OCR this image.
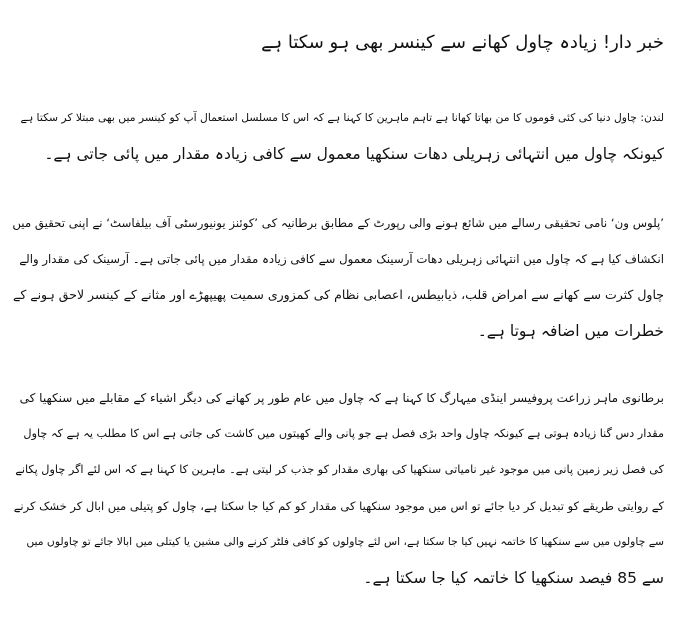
خبر دار! زیادہ چاول کھانے سے کینسر بھی ہو سکتا ہے
لندن: چاول دنیا کی کئی قوموں کا من بھاتا کھانا ہے تاہم ماہرین کا کہنا ہے کہ اس کا مسلسل استعمال آپ کو کینسر میں بھی مبتلا کر سکتا ہے
کیونکہ چاول میں انتہائی زہریلی دھات سنکھیا معمول سے کافی زیادہ مقدار میں پائی جاتی ہے۔
’پلوس ون‘ نامی تحقیقی رسالے میں شائع ہونے والی رپورٹ کے مطابق برطانیہ کی ’کوئنز یونیورسٹی آف بیلفاسٹ‘ نے اپنی تحقیق میں
انکشاف کیا ہے کہ چاول میں انتہائی زہریلی دھات آرسینک معمول سے کافی زیادہ مقدار میں پائی جاتی ہے۔ آرسینک کی مقدار والے
چاول کثرت سے کھانے سے امراض قلب، ذیابیطس، اعصابی نظام کی کمزوری سمیت پھیپھڑے اور مثانے کے کینسر لاحق ہونے کے
خطرات میں اضافہ ہوتا ہے۔
برطانوی ماہر زراعت پروفیسر اینڈی میہارگ کا کہنا ہے کہ چاول میں عام طور پر کھانے کی دیگر اشیاء کے مقابلے میں سنکھیا کی
مقدار دس گنا زیادہ ہوتی ہے کیونکہ چاول واحد بڑی فصل ہے جو پانی والے کھیتوں میں کاشت کی جاتی ہے اس کا مطلب یہ ہے کہ چاول
کی فصل زیر زمین پانی میں موجود غیر نامیاتی سنکھیا کی بھاری مقدار کو جذب کر لیتی ہے۔ ماہرین کا کہنا ہے کہ اس لئے اگر چاول پکانے
کے روایتی طریقے کو تبدیل کر دیا جائے تو اس میں موجود سنکھیا کی مقدار کو کم کیا جا سکتا ہے، چاول کو پتیلی میں ابال کر خشک کرنے
سے چاولوں میں سے سنکھیا کا خاتمہ نہیں کیا جا سکتا ہے، اس لئے چاولوں کو کافی فلٹر کرنے والی مشین یا کیتلی میں ابالا جائے تو چاولوں میں
سے 85 فیصد سنکھیا کا خاتمہ کیا جا سکتا ہے۔
